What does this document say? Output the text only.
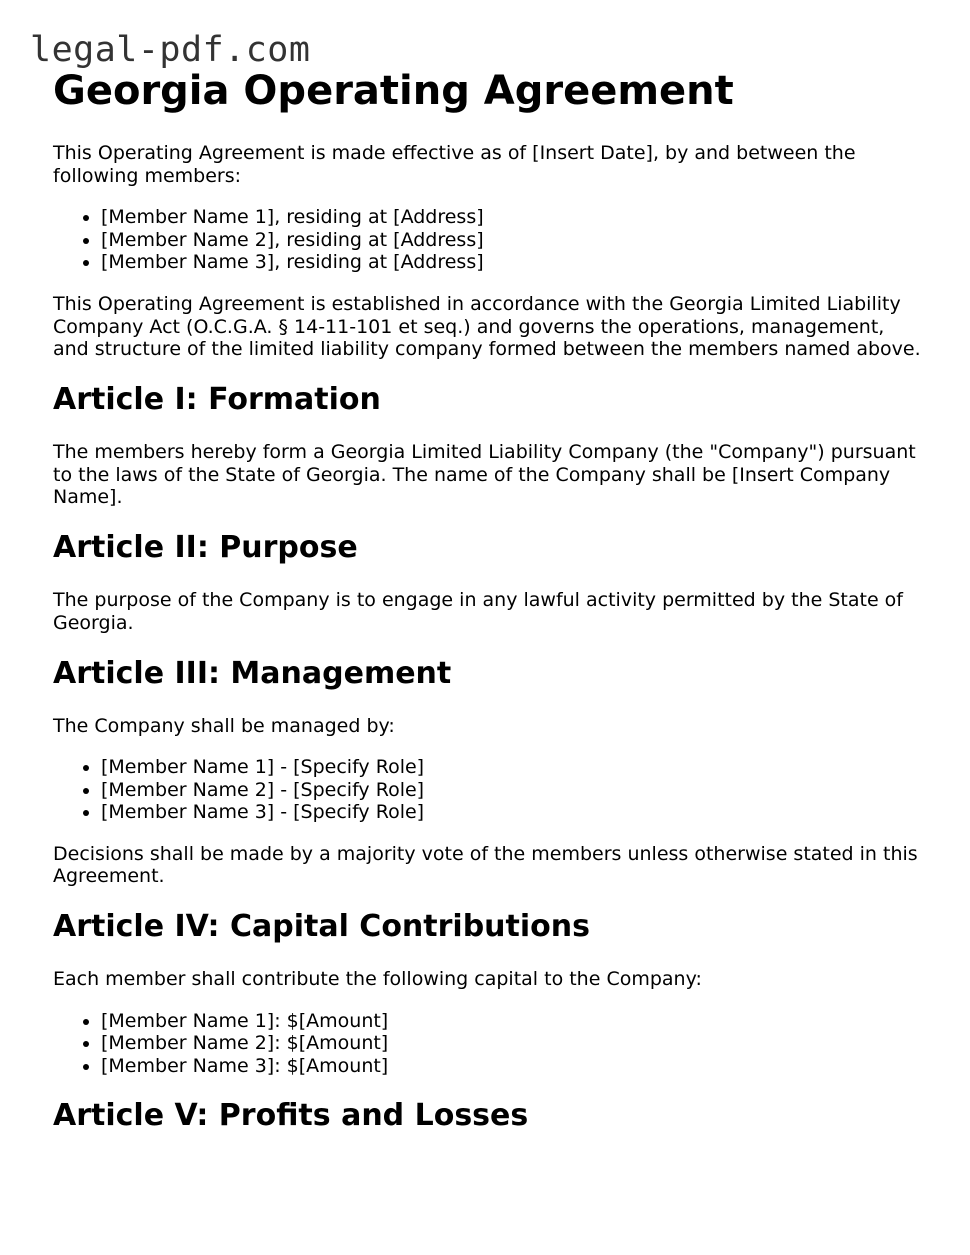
legal-pdf.com
Georgia Operating Agreement

This Operating Agreement is made effective as of [Insert Date], by and between the following members:

• [Member Name 1], residing at [Address]
• [Member Name 2], residing at [Address]
• [Member Name 3], residing at [Address]

This Operating Agreement is established in accordance with the Georgia Limited Liability Company Act (O.C.G.A. § 14-11-101 et seq.) and governs the operations, management, and structure of the limited liability company formed between the members named above.

Article I: Formation

The members hereby form a Georgia Limited Liability Company (the "Company") pursuant to the laws of the State of Georgia. The name of the Company shall be [Insert Company Name].

Article II: Purpose

The purpose of the Company is to engage in any lawful activity permitted by the State of Georgia.

Article III: Management

The Company shall be managed by:

• [Member Name 1] - [Specify Role]
• [Member Name 2] - [Specify Role]
• [Member Name 3] - [Specify Role]

Decisions shall be made by a majority vote of the members unless otherwise stated in this Agreement.

Article IV: Capital Contributions

Each member shall contribute the following capital to the Company:

• [Member Name 1]: $[Amount]
• [Member Name 2]: $[Amount]
• [Member Name 3]: $[Amount]
Article V: Profits and Losses
